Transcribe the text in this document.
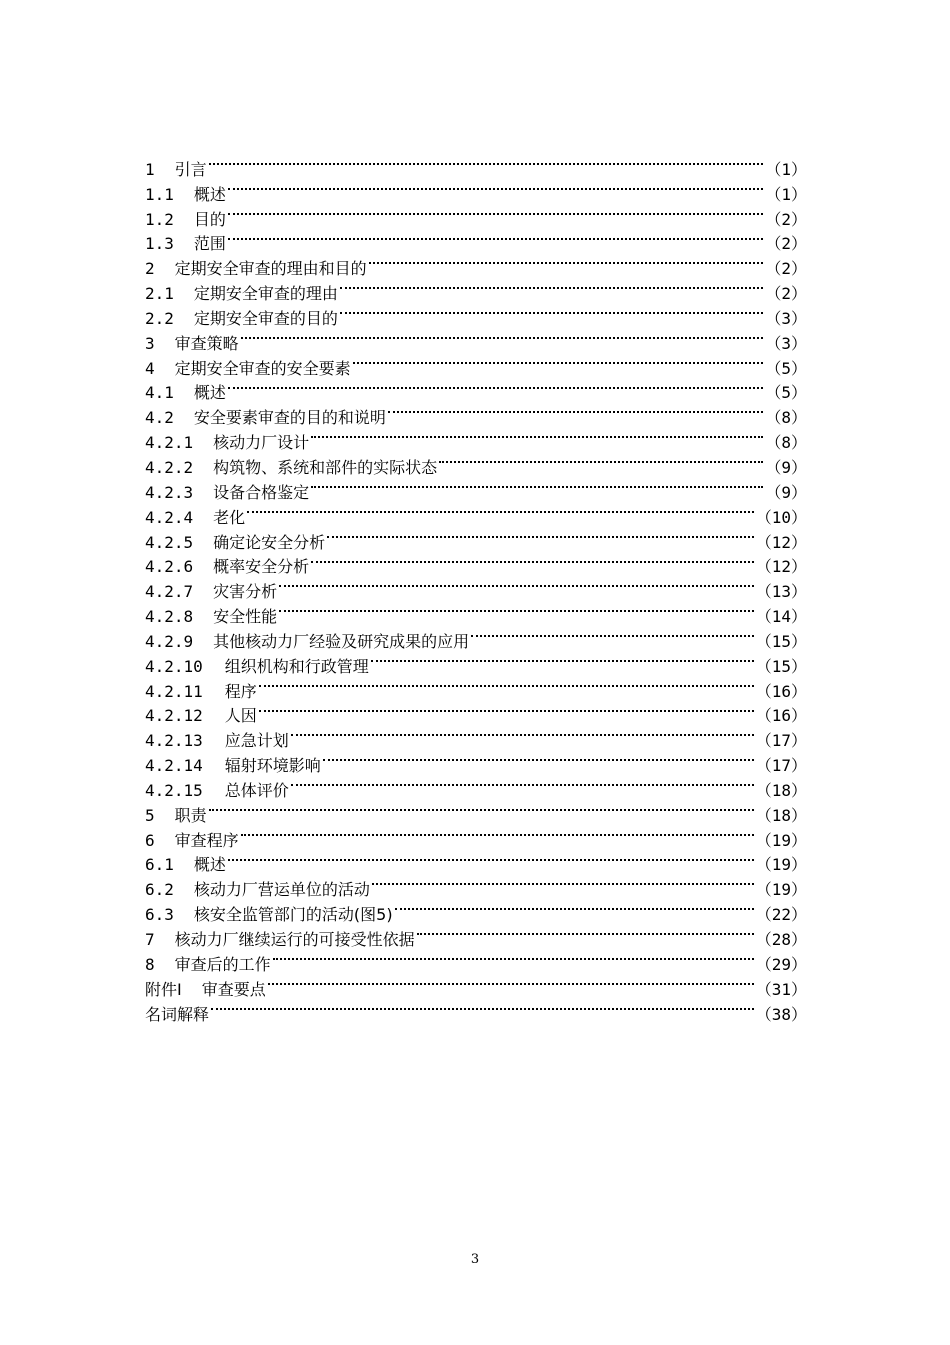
1 引言	（1）
1.1 概述	（1）
1.2 目的	（2）
1.3 范围	（2）
2 定期安全审查的理由和目的	（2）
2.1 定期安全审查的理由	（2）
2.2 定期安全审查的目的	（3）
3 审查策略	（3）
4 定期安全审查的安全要素	（5）
4.1 概述	（5）
4.2 安全要素审查的目的和说明	（8）
4.2.1 核动力厂设计	（8）
4.2.2 构筑物、系统和部件的实际状态	（9）
4.2.3 设备合格鉴定	（9）
4.2.4 老化	（10）
4.2.5 确定论安全分析	（12）
4.2.6 概率安全分析	（12）
4.2.7 灾害分析	（13）
4.2.8 安全性能	（14）
4.2.9 其他核动力厂经验及研究成果的应用	（15）
4.2.10 组织机构和行政管理	（15）
4.2.11 程序	（16）
4.2.12 人因	（16）
4.2.13 应急计划	（17）
4.2.14 辐射环境影响	（17）
4.2.15 总体评价	（18）
5 职责	（18）
6 审查程序	（19）
6.1 概述	（19）
6.2 核动力厂营运单位的活动	（19）
6.3 核安全监管部门的活动(图5)	（22）
7 核动力厂继续运行的可接受性依据	（28）
8 审查后的工作	（29）
附件Ⅰ 审查要点	（31）
名词解释	（38）
3
